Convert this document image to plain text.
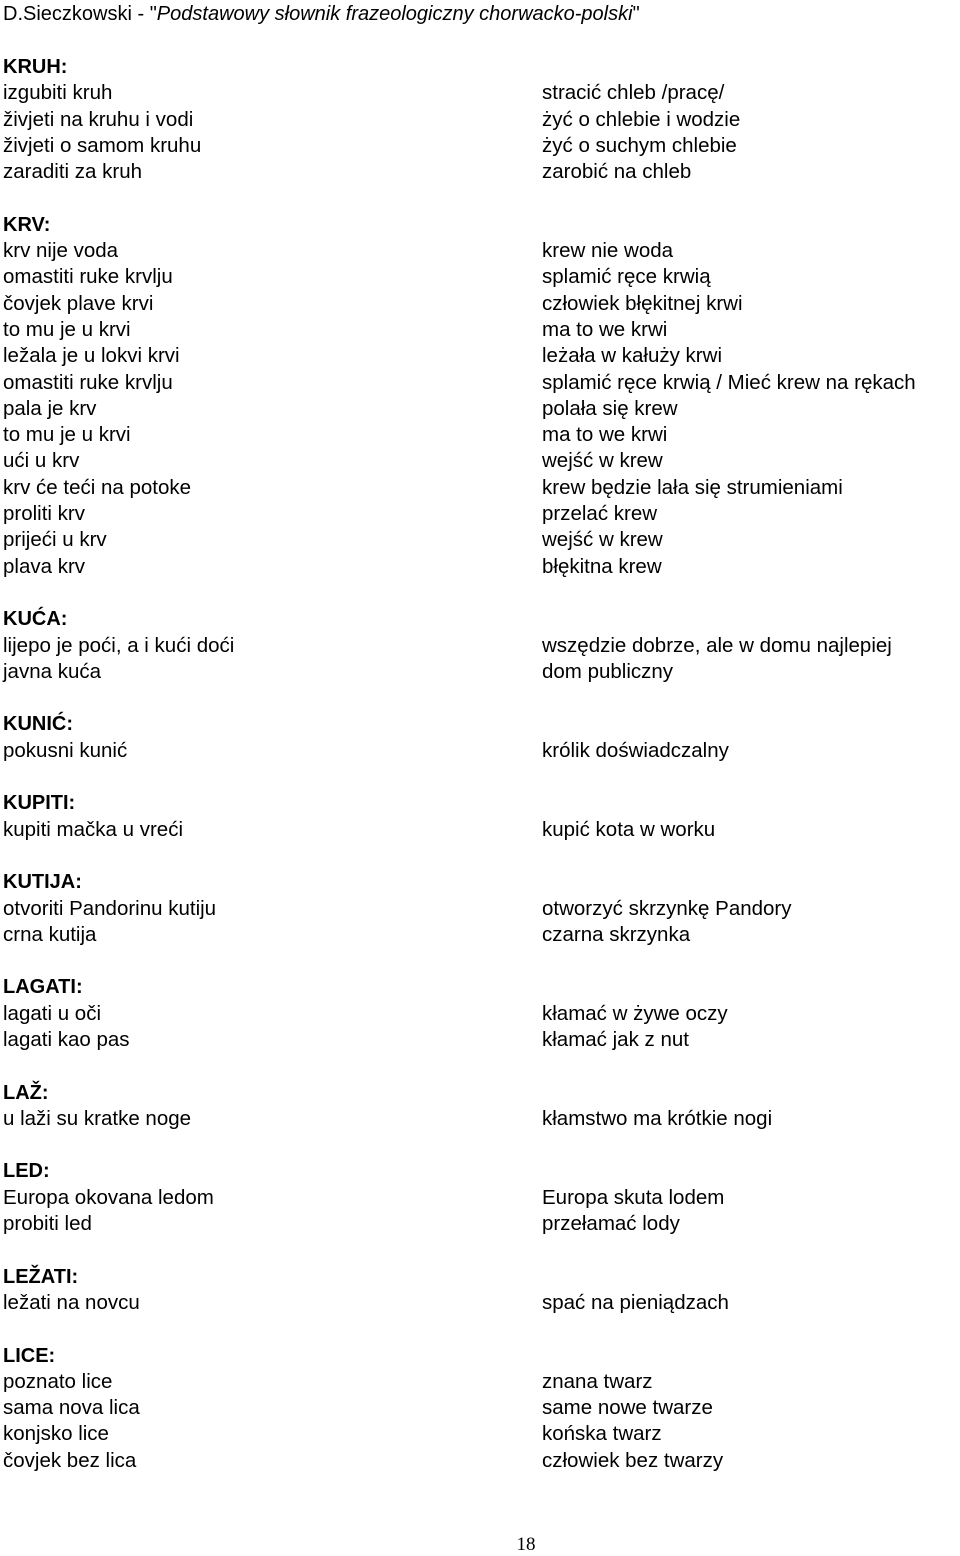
D.Sieczkowski - "Podstawowy słownik frazeologiczny chorwacko-polski"
KRUH:
izgubiti kruh	stracić chleb /pracę/
živjeti na kruhu i vodi	żyć o chlebie i wodzie
živjeti o samom kruhu	żyć o suchym chlebie
zaraditi za kruh	zarobić na chleb
KRV:
krv nije voda	krew nie woda
omastiti ruke krvlju	splamić ręce krwią
čovjek plave krvi	człowiek błękitnej krwi
to mu je u krvi	ma to we krwi
ležala je u lokvi krvi	leżała w kałuży krwi
omastiti ruke krvlju	splamić ręce krwią / Mieć krew na rękach
pala je krv	polała się krew
to mu je u krvi	ma to we krwi
ući u krv	wejść w krew
krv će teći na potoke	krew będzie lała się strumieniami
proliti krv	przelać krew
prijeći u krv	wejść w krew
plava krv	błękitna krew
KUĆA:
lijepo je poći, a i kući doći	wszędzie dobrze, ale w domu najlepiej
javna kuća	dom publiczny
KUNIĆ:
pokusni kunić	królik doświadczalny
KUPITI:
kupiti mačka u vreći	kupić kota w worku
KUTIJA:
otvoriti Pandorinu kutiju	otworzyć skrzynkę Pandory
crna kutija	czarna skrzynka
LAGATI:
lagati u oči	kłamać w żywe oczy
lagati kao pas	kłamać jak z nut
LAŽ:
u laži su kratke noge	kłamstwo ma krótkie nogi
LED:
Europa okovana ledom	Europa skuta lodem
probiti led	przełamać lody
LEŽATI:
ležati na novcu	spać na pieniądzach
LICE:
poznato lice	znana twarz
sama nova lica	same nowe twarze
konjsko lice	końska twarz
čovjek bez lica	człowiek bez twarzy
18
